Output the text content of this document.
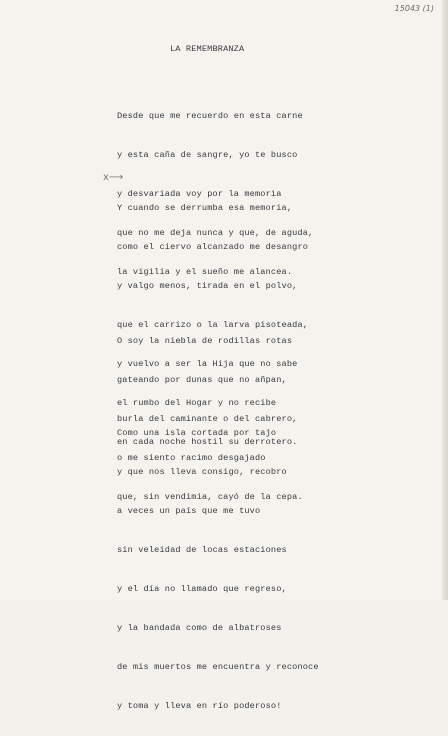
15043 (1)
x⟶
LA REMEMBRANZA

Desde que me recuerdo en esta carne

y esta caña de sangre, yo te busco

y desvariada voy por la memoria

que no me deja nunca y que, de aguda,

la vigilia y el sueño me alancea.

Y cuando se derrumba esa memoria,

como el ciervo alcanzado me desangro

y valgo menos, tirada en el polvo,

que el carrizo o la larva pisoteada,

y vuelvo a ser la Hija que no sabe

el rumbo del Hogar y no recibe

en cada noche hostil su derrotero.

O soy la niebla de rodillas rotas

gateando por dunas que no añpan,

burla del caminante o del cabrero,

o me siento racimo desgajado

que, sin vendimia, cayó de la cepa.

Como una isla cortada por tajo

y que nos lleva consigo, recobro

a veces un país que me tuvo

sin veleidad de locas estaciones

y el día no llamado que regreso,

y la bandada como de albatroses

de mis muertos me encuentra y reconoce

y toma y lleva en río poderoso!
